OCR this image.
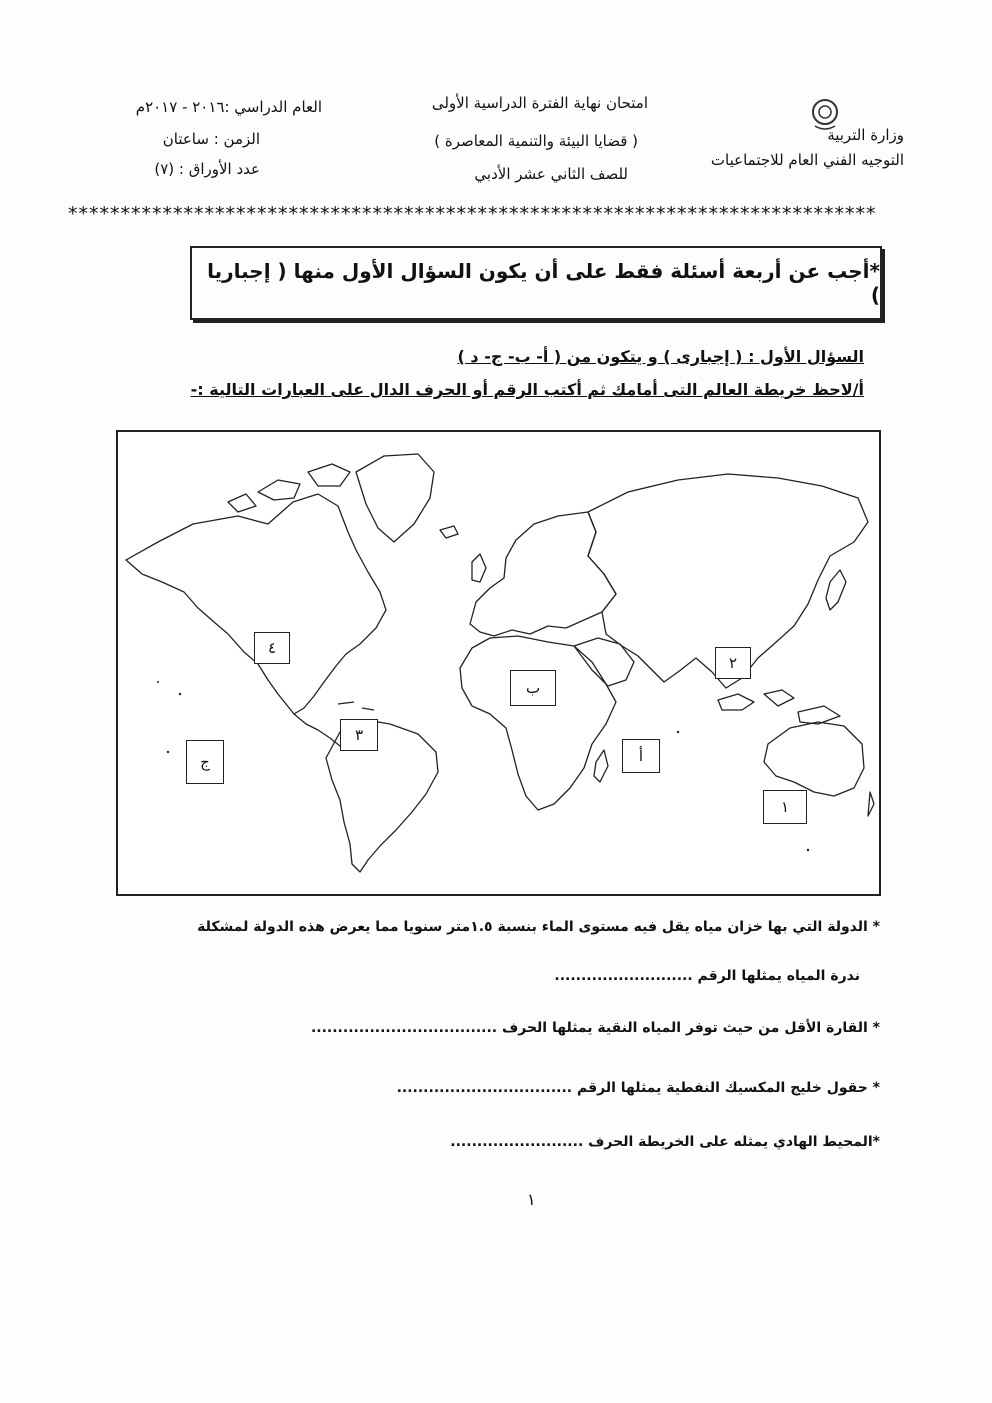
وزارة التربية
التوجيه الفني العام للاجتماعيات
امتحان نهاية الفترة الدراسية الأولى
( قضايا البيئة والتنمية المعاصرة )
للصف الثاني عشر الأدبي
العام الدراسي :٢٠١٦ - ٢٠١٧م
الزمن : ساعتان
عدد الأوراق : (٧)
*****************************************************************************
*أجب عن أربعة أسئلة فقط على أن يكون السؤال الأول منها ( إجباريا )
السؤال الأول : ( إجبارى ) و يتكون من ( أ- ب- ج- د )
أ/لاحظ خريطة العالم التى أمامك ثم أكتب الرقم أو الحرف الدال على العبارات التالية :-
٤
٢
ب
٣
ج	أ
١
* الدولة التي بها خزان مياه يقل فيه مستوى الماء بنسبة ١.٥متر سنويا مما يعرض هذه الدولة لمشكلة
ندرة المياه يمثلها الرقم ..........................
* القارة الأقل من حيث توفر المياه النقية يمثلها الحرف ...................................
* حقول خليج المكسيك النفطية يمثلها الرقم .................................
*المحيط الهادي يمثله على الخريطة الحرف .........................
١
